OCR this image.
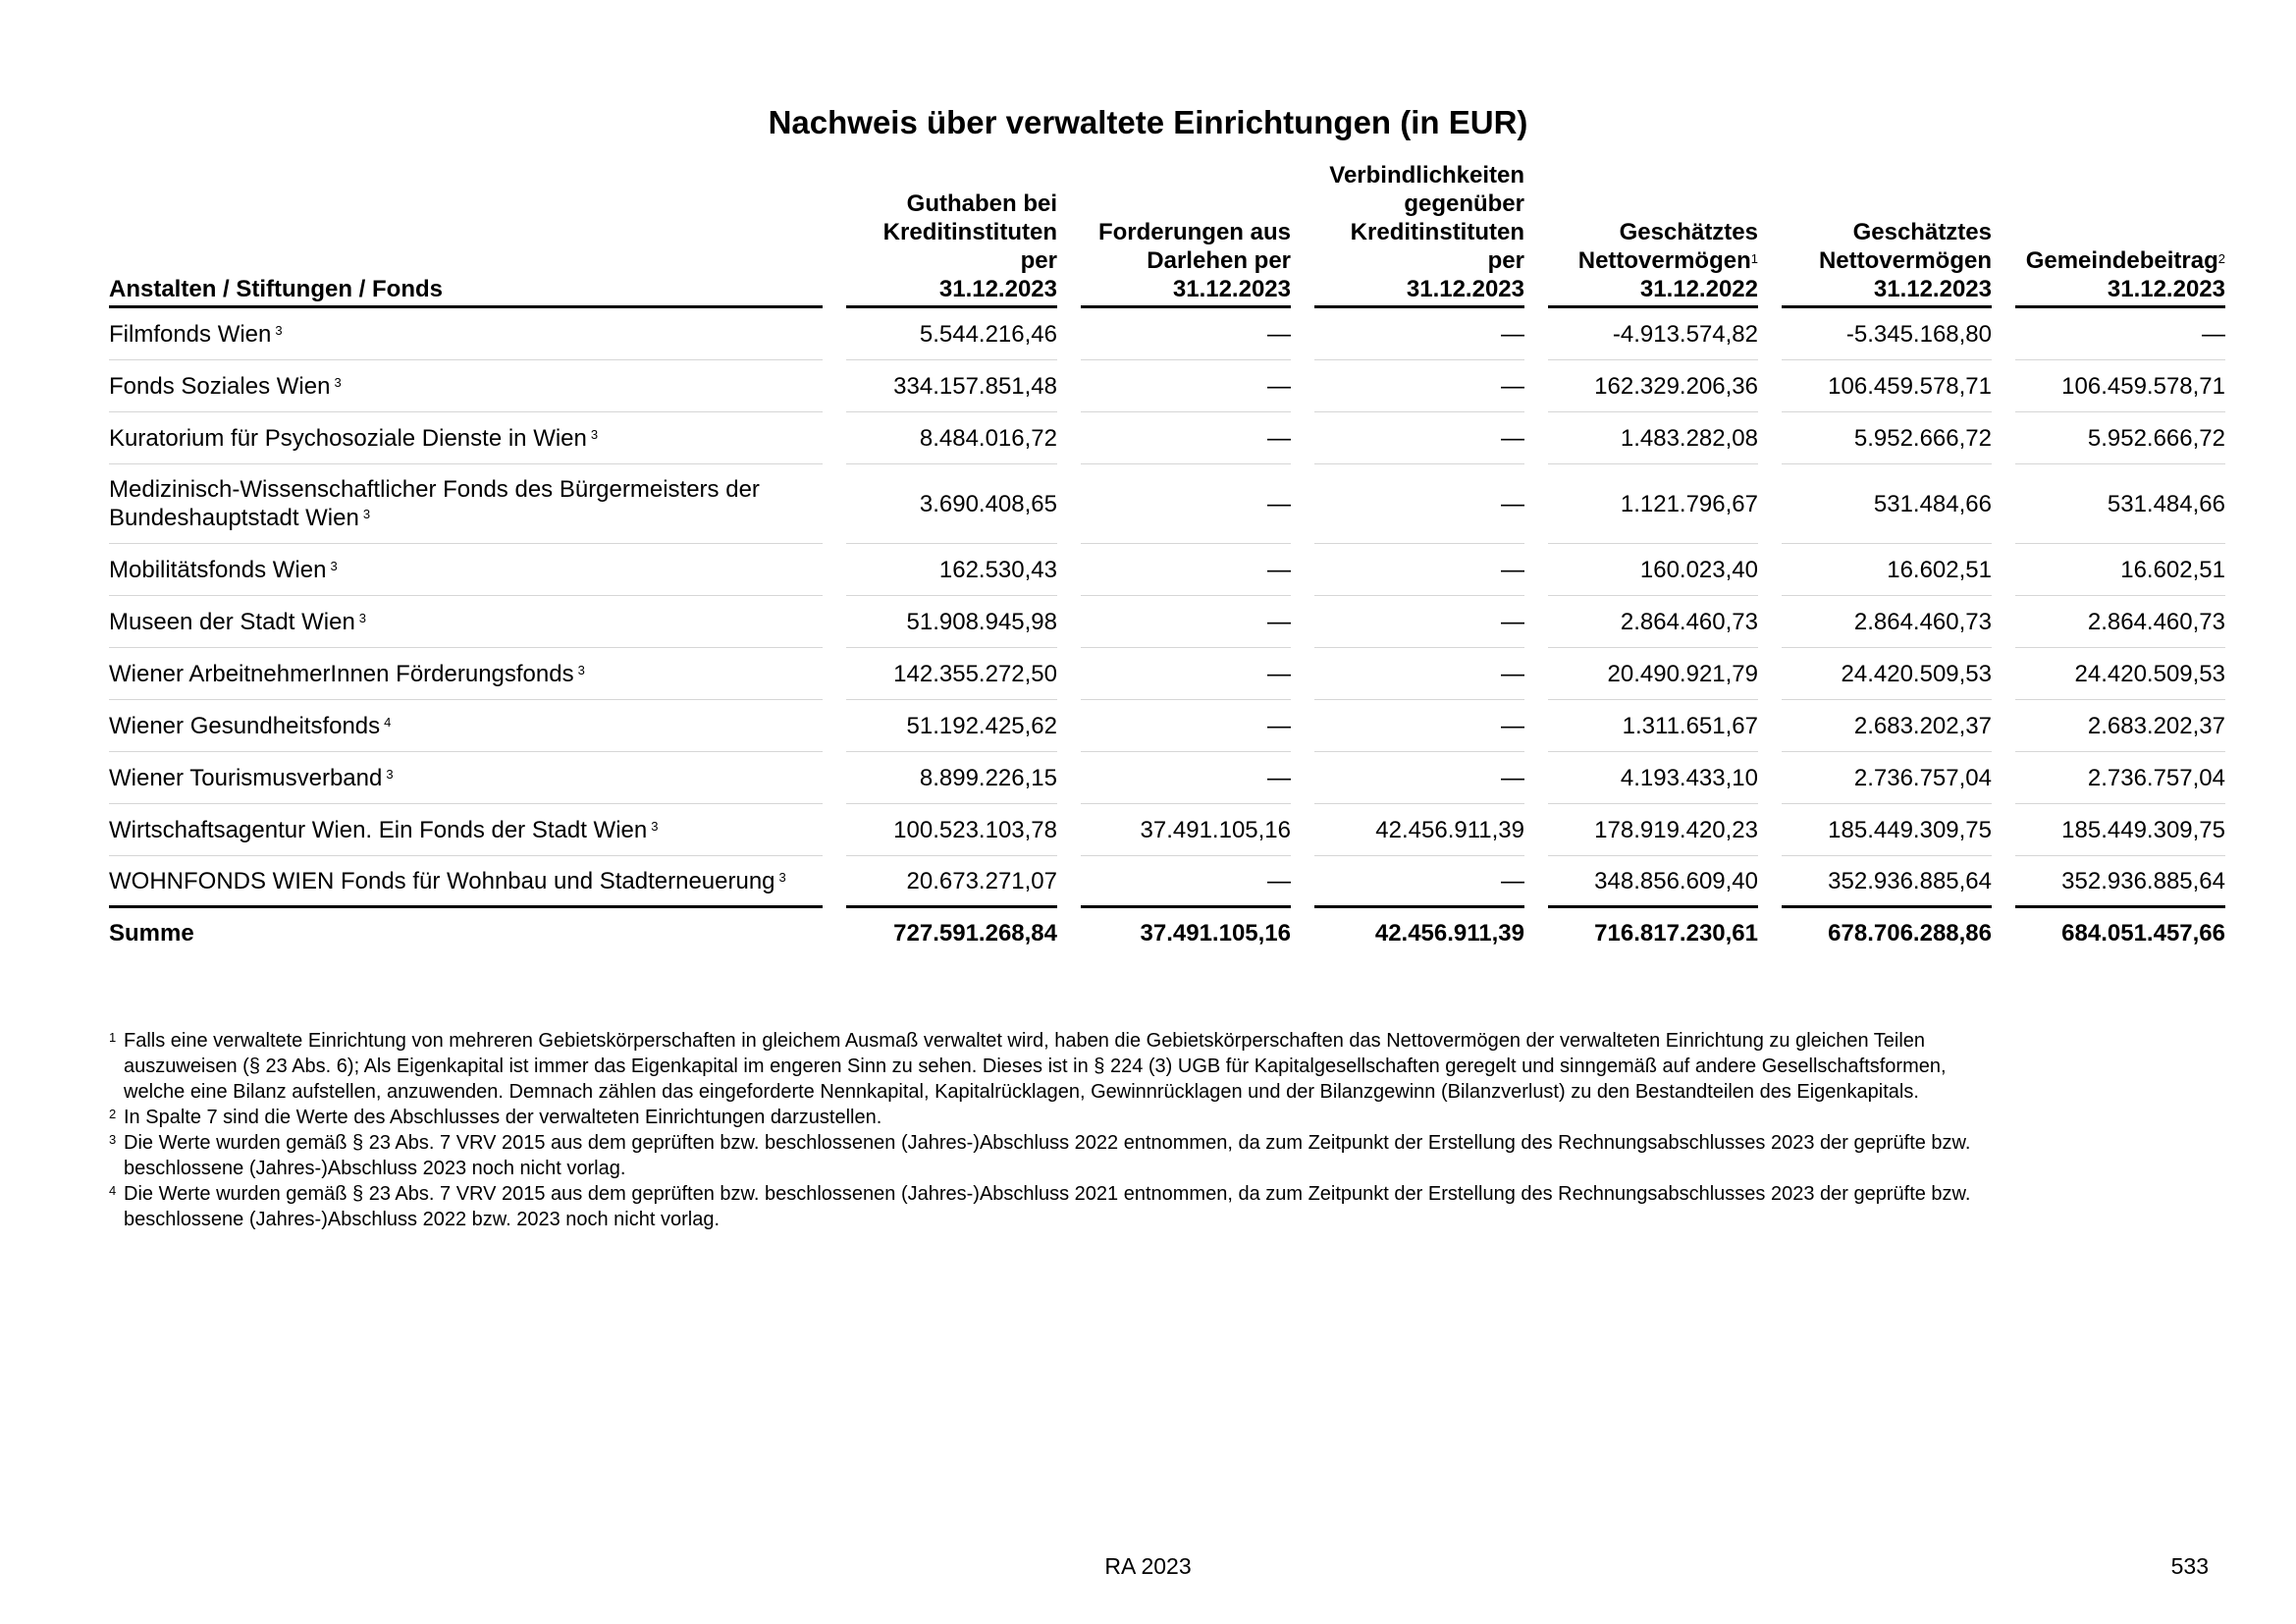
Nachweis über verwaltete Einrichtungen (in EUR)
Anstalten / Stiftungen / Fonds		Guthaben bei
Kreditinstituten
per
31.12.2023		Forderungen aus
Darlehen per
31.12.2023		Verbindlichkeiten
gegenüber
Kreditinstituten
per
31.12.2023		Geschätztes
Nettovermögen$^1$
31.12.2022		Geschätztes
Nettovermögen
31.12.2023		Gemeindebeitrag$^2$
31.12.2023
Filmfonds Wien $^3$		5.544.216,46		—		—		-4.913.574,82		-5.345.168,80		—
Fonds Soziales Wien $^3$		334.157.851,48		—		—		162.329.206,36		106.459.578,71		106.459.578,71
Kuratorium für Psychosoziale Dienste in Wien $^3$		8.484.016,72		—		—		1.483.282,08		5.952.666,72		5.952.666,72
Medizinisch-Wissenschaftlicher Fonds des Bürgermeisters der
Bundeshauptstadt Wien $^3$		3.690.408,65		—		—		1.121.796,67		531.484,66		531.484,66
Mobilitätsfonds Wien $^3$		162.530,43		—		—		160.023,40		16.602,51		16.602,51
Museen der Stadt Wien $^3$		51.908.945,98		—		—		2.864.460,73		2.864.460,73		2.864.460,73
Wiener ArbeitnehmerInnen Förderungsfonds $^3$		142.355.272,50		—		—		20.490.921,79		24.420.509,53		24.420.509,53
Wiener Gesundheitsfonds $^4$		51.192.425,62		—		—		1.311.651,67		2.683.202,37		2.683.202,37
Wiener Tourismusverband $^3$		8.899.226,15		—		—		4.193.433,10		2.736.757,04		2.736.757,04
Wirtschaftsagentur Wien. Ein Fonds der Stadt Wien $^3$		100.523.103,78		37.491.105,16		42.456.911,39		178.919.420,23		185.449.309,75		185.449.309,75
WOHNFONDS WIEN Fonds für Wohnbau und Stadterneuerung $^3$		20.673.271,07		—		—		348.856.609,40		352.936.885,64		352.936.885,64
Summe		727.591.268,84		37.491.105,16		42.456.911,39		716.817.230,61		678.706.288,86		684.051.457,66
1 Falls eine verwaltete Einrichtung von mehreren Gebietskörperschaften in gleichem Ausmaß verwaltet wird, haben die Gebietskörperschaften das Nettovermögen der verwalteten Einrichtung zu gleichen Teilen
auszuweisen (§ 23 Abs. 6); Als Eigenkapital ist immer das Eigenkapital im engeren Sinn zu sehen. Dieses ist in § 224 (3) UGB für Kapitalgesellschaften geregelt und sinngemäß auf andere Gesellschaftsformen,
welche eine Bilanz aufstellen, anzuwenden. Demnach zählen das eingeforderte Nennkapital, Kapitalrücklagen, Gewinnrücklagen und der Bilanzgewinn (Bilanzverlust) zu den Bestandteilen des Eigenkapitals.
2 In Spalte 7 sind die Werte des Abschlusses der verwalteten Einrichtungen darzustellen.
3 Die Werte wurden gemäß § 23 Abs. 7 VRV 2015 aus dem geprüften bzw. beschlossenen (Jahres-)Abschluss 2022 entnommen, da zum Zeitpunkt der Erstellung des Rechnungsabschlusses 2023 der geprüfte bzw.
beschlossene (Jahres-)Abschluss 2023 noch nicht vorlag.
4 Die Werte wurden gemäß § 23 Abs. 7 VRV 2015 aus dem geprüften bzw. beschlossenen (Jahres-)Abschluss 2021 entnommen, da zum Zeitpunkt der Erstellung des Rechnungsabschlusses 2023 der geprüfte bzw.
beschlossene (Jahres-)Abschluss 2022 bzw. 2023 noch nicht vorlag.
RA 2023	533
